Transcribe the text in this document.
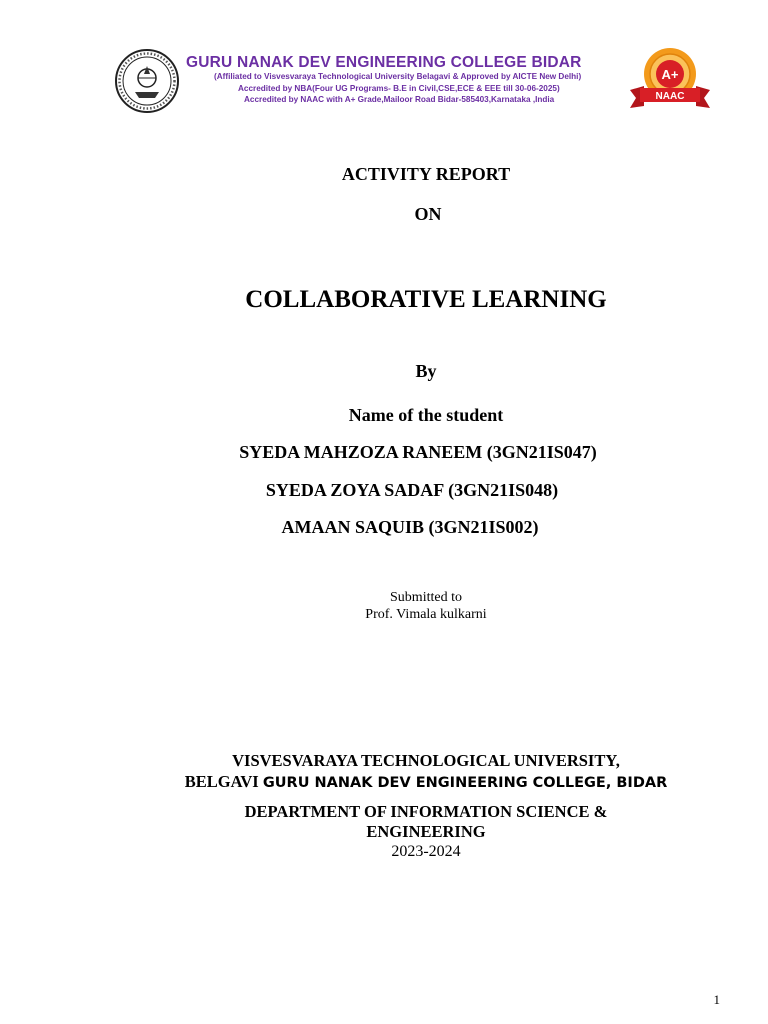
GURU NANAK DEV ENGINEERING COLLEGE BIDAR
(Affiliated to Visvesvaraya Technological University Belagavi & Approved by AICTE New Delhi)
Accredited by NBA(Four UG Programs- B.E in Civil,CSE,ECE & EEE till 30-06-2025)
Accredited by NAAC with A+ Grade,Mailoor Road Bidar-585403,Karnataka ,India
A+
NAAC
ACTIVITY REPORT
ON
COLLABORATIVE LEARNING
By
Name of the student
SYEDA MAHZOZA RANEEM (3GN21IS047)
SYEDA ZOYA SADAF (3GN21IS048)
AMAAN SAQUIB (3GN21IS002)
Submitted to
Prof. Vimala kulkarni
VISVESVARAYA TECHNOLOGICAL UNIVERSITY,
BELGAVI GURU NANAK DEV ENGINEERING COLLEGE, BIDAR
DEPARTMENT OF INFORMATION SCIENCE &
ENGINEERING
2023-2024
1
